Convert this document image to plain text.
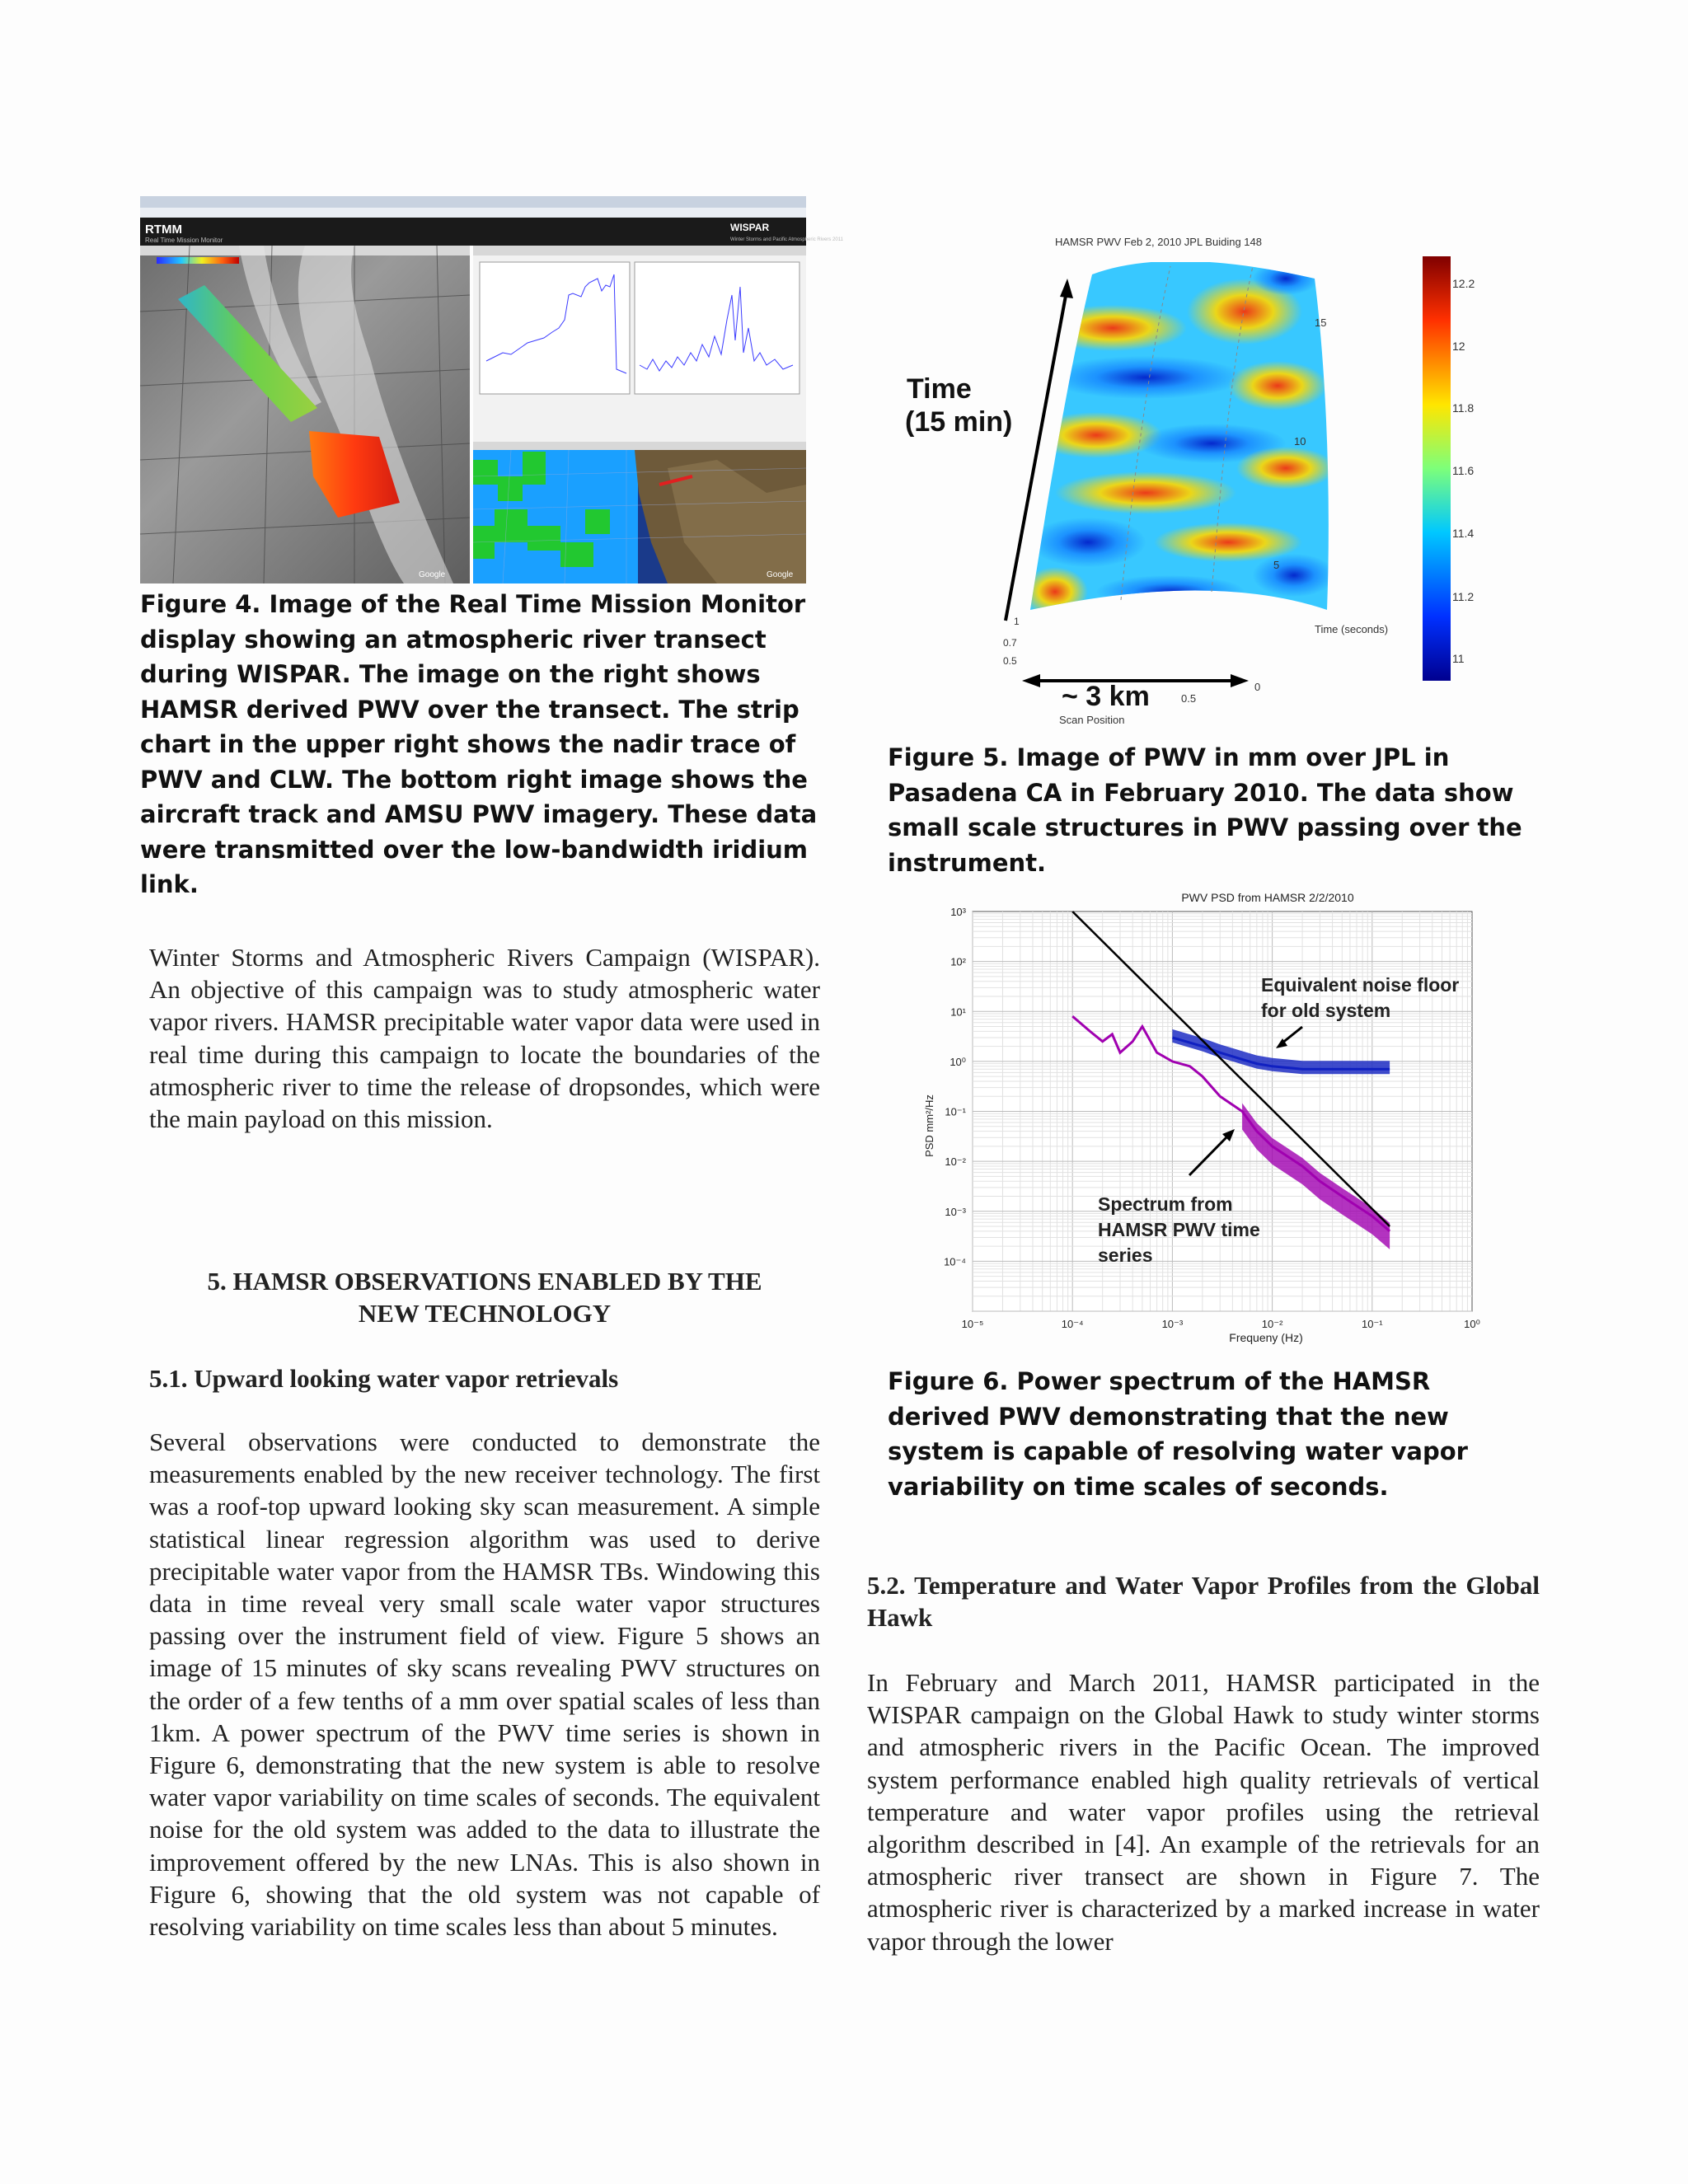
RTMM
Real Time Mission Monitor
WISPAR
Winter Storms and Pacific Atmospheric Rivers 2011
Google	Google
Figure 4. Image of the Real Time Mission Monitor display showing an atmospheric river transect during WISPAR. The image on the right shows HAMSR derived PWV over the transect. The strip chart in the upper right shows the nadir trace of PWV and CLW. The bottom right image shows the aircraft track and AMSU PWV imagery. These data were transmitted over the low-bandwidth iridium link.
Winter Storms and Atmospheric Rivers Campaign (WISPAR). An objective of this campaign was to study atmospheric water vapor rivers. HAMSR precipitable water vapor data were used in real time during this campaign to locate the boundaries of the atmospheric river to time the release of dropsondes, which were the main payload on this mission.
5. HAMSR OBSERVATIONS ENABLED BY THE
NEW TECHNOLOGY
5.1. Upward looking water vapor retrievals
Several observations were conducted to demonstrate the measurements enabled by the new receiver technology. The first was a roof-top upward looking sky scan measurement. A simple statistical linear regression algorithm was used to derive precipitable water vapor from the HAMSR TBs. Windowing this data in time reveal very small scale water vapor structures passing over the instrument field of view. Figure 5 shows an image of 15 minutes of sky scans revealing PWV structures on the order of a few tenths of a mm over spatial scales of less than 1km. A power spectrum of the PWV time series is shown in Figure 6, demonstrating that the new system is able to resolve water vapor variability on time scales of seconds. The equivalent noise for the old system was added to the data to illustrate the improvement offered by the new LNAs. This is also shown in Figure 6, showing that the old system was not capable of resolving variability on time scales less than about 5 minutes.
HAMSR PWV Feb 2, 2010 JPL Buiding 148
Time
(15 min)
~ 3 km
Scan Position
0.5
0
1
0.7
0.5
15
10
5
Time (seconds)
12.2
12
11.8
11.6
11.4
11.2
11
Figure 5. Image of PWV in mm over JPL in Pasadena CA in February 2010. The data show small scale structures in PWV passing over the instrument.
PWV PSD from HAMSR 2/2/2010
10⁻⁵	10⁻⁴	10⁻³	10⁻²	10⁻¹	10⁰
10³
10²
10¹
10⁰
10⁻¹
10⁻²
10⁻³
10⁻⁴
Frequeny (Hz)
PSD mm²/Hz
Equivalent noise floor for old system
Spectrum from HAMSR PWV time series
Figure 6. Power spectrum of the HAMSR derived PWV demonstrating that the new system is capable of resolving water vapor variability on time scales of seconds.
5.2. Temperature and Water Vapor Profiles from the Global Hawk
In February and March 2011, HAMSR participated in the WISPAR campaign on the Global Hawk to study winter storms and atmospheric rivers in the Pacific Ocean. The improved system performance enabled high quality retrievals of vertical temperature and water vapor profiles using the retrieval algorithm described in [4]. An example of the retrievals for an atmospheric river transect are shown in Figure 7. The atmospheric river is characterized by a marked increase in water vapor through the lower
